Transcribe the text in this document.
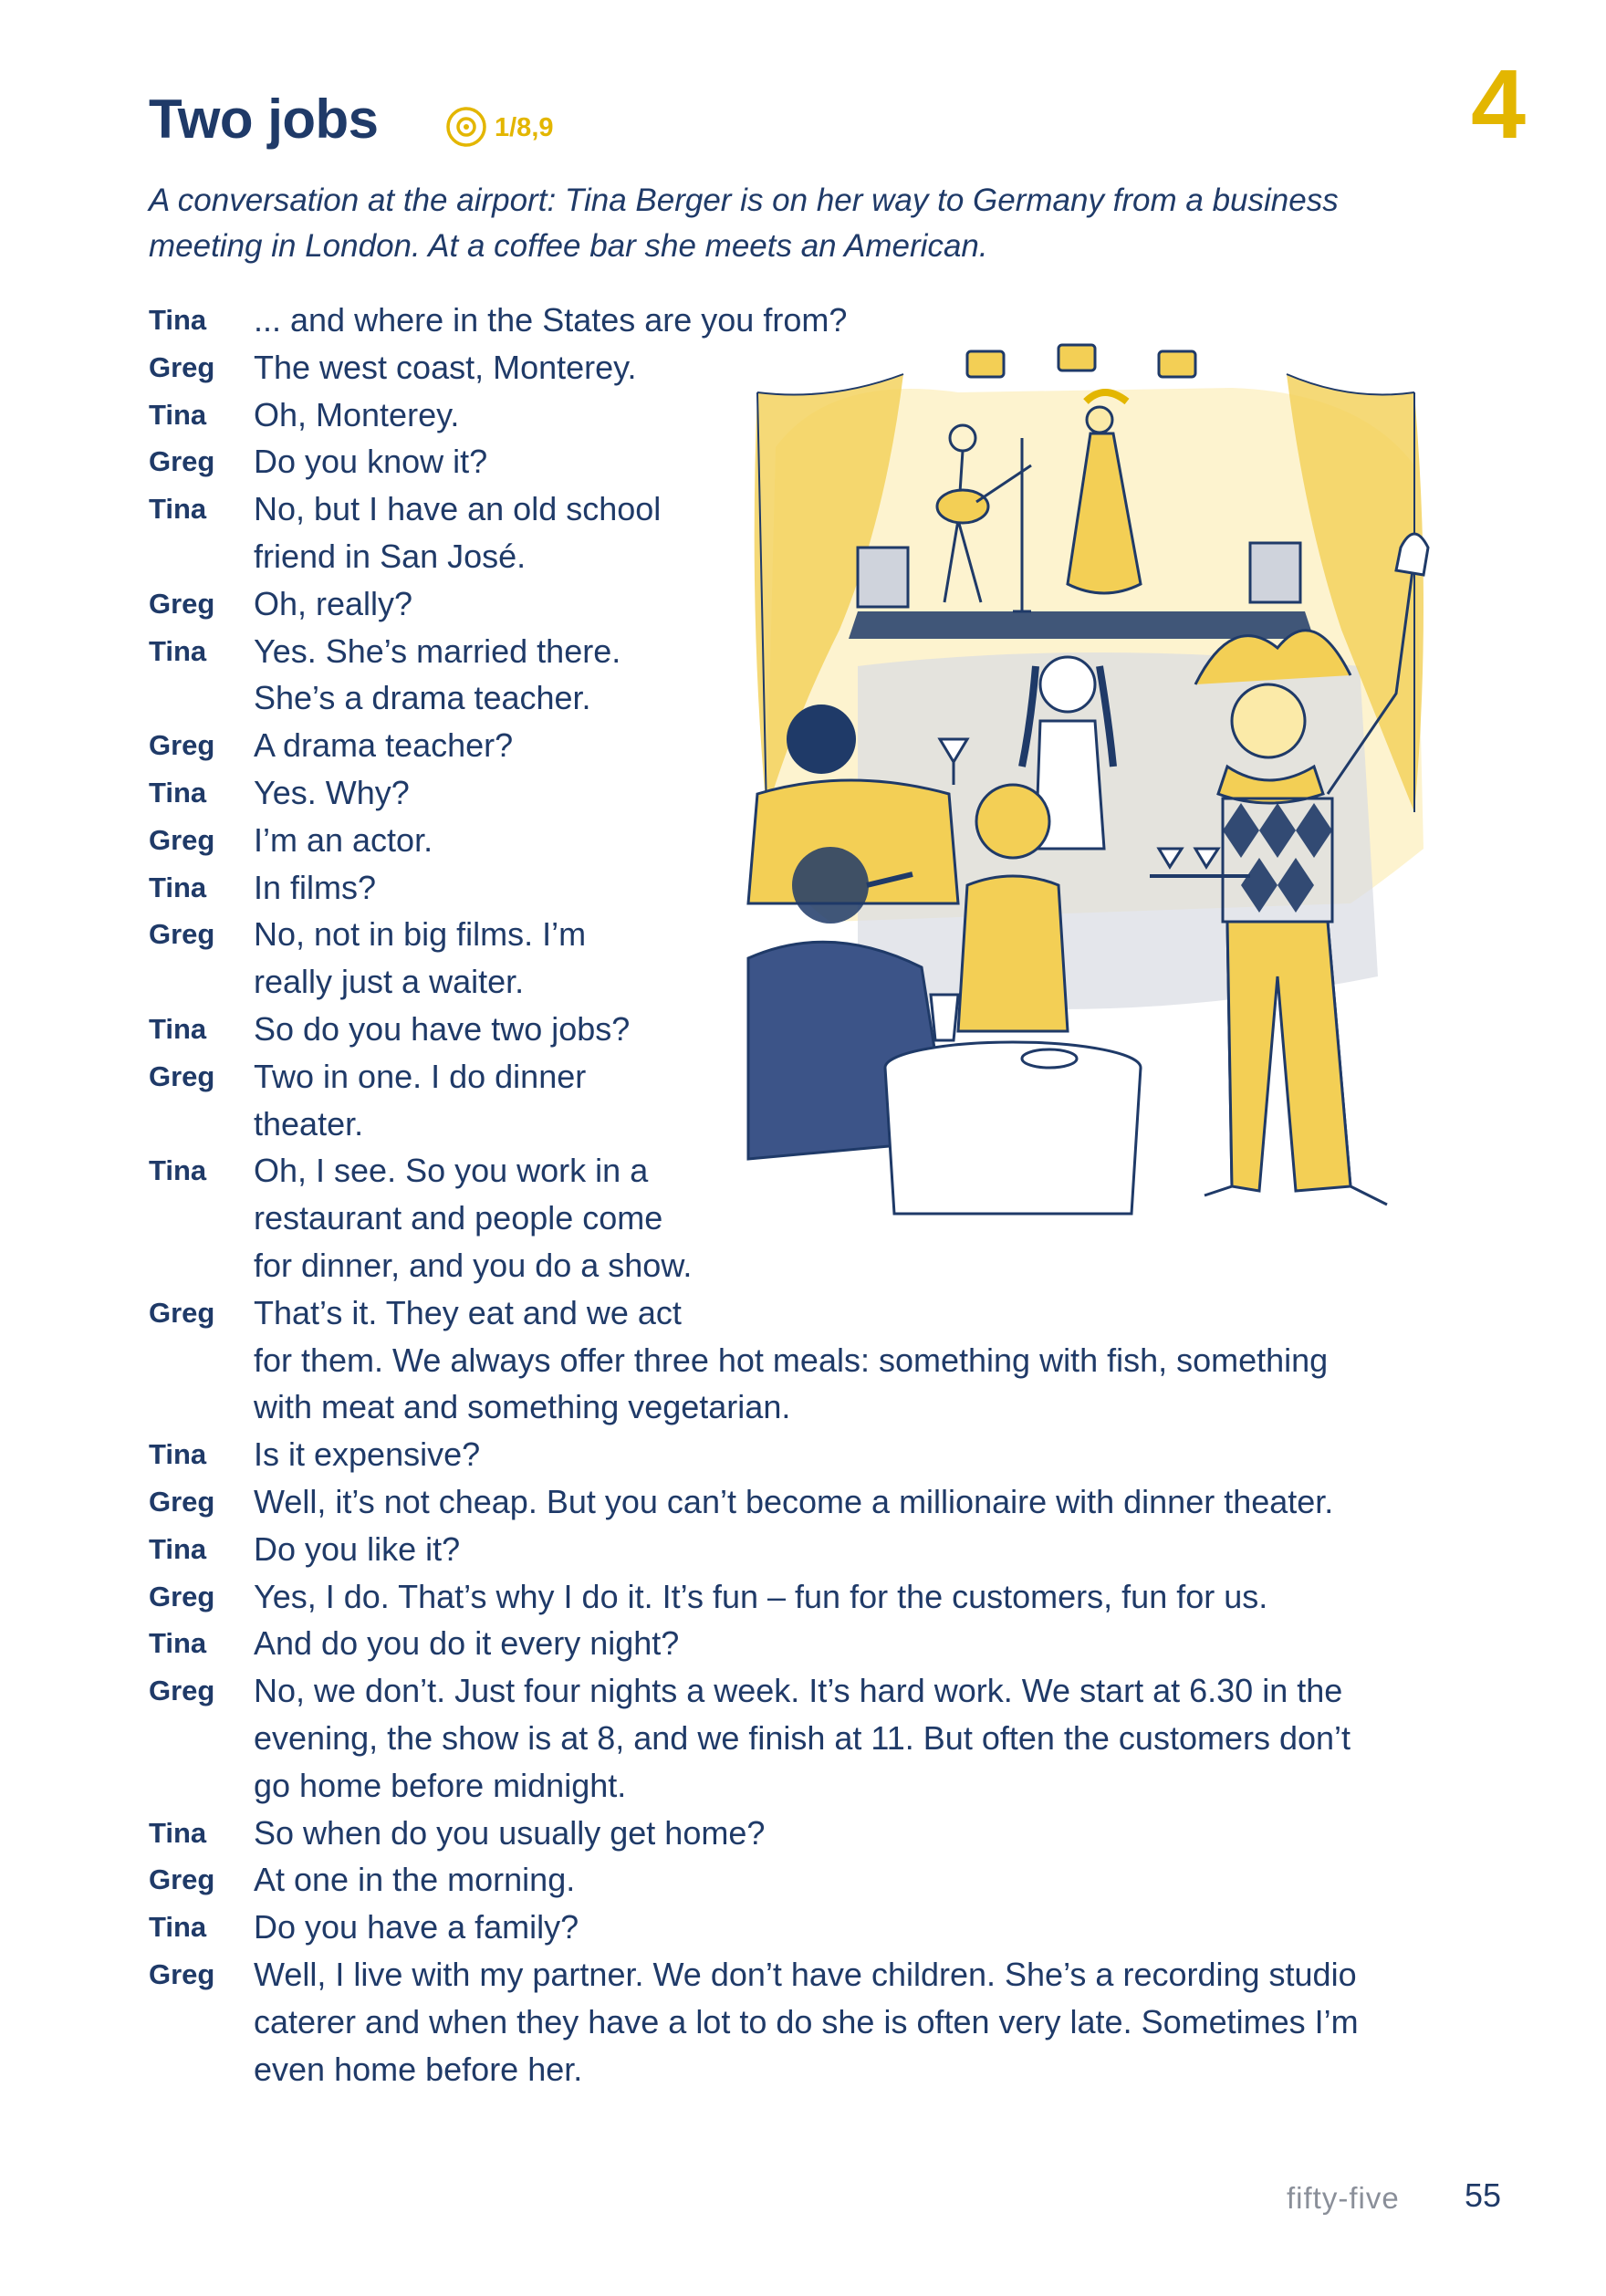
Two jobs	1/8,9	4
A conversation at the airport: Tina Berger is on her way to Germany from a business meeting in London. At a coffee bar she meets an American.
Tina ... and where in the States are you from?
Greg The west coast, Monterey.
Tina Oh, Monterey.
Greg Do you know it?
Tina No, but I have an old school
friend in San José.
Greg Oh, really?
Tina Yes. She’s married there.
She’s a drama teacher.
Greg A drama teacher?
Tina Yes. Why?
Greg I’m an actor.
Tina In films?
Greg No, not in big films. I’m
really just a waiter.
Tina So do you have two jobs?
Greg Two in one. I do dinner
theater.
Tina Oh, I see. So you work in a
restaurant and people come
for dinner, and you do a show.
Greg That’s it. They eat and we act
for them. We always offer three hot meals: something with fish, something
with meat and something vegetarian.
Tina Is it expensive?
Greg Well, it’s not cheap. But you can’t become a millionaire with dinner theater.
Tina Do you like it?
Greg Yes, I do. That’s why I do it. It’s fun – fun for the customers, fun for us.
Tina And do you do it every night?
Greg No, we don’t. Just four nights a week. It’s hard work. We start at 6.30 in the
evening, the show is at 8, and we finish at 11. But often the customers don’t
go home before midnight.
Tina So when do you usually get home?
Greg At one in the morning.
Tina Do you have a family?
Greg Well, I live with my partner. We don’t have children. She’s a recording studio
caterer and when they have a lot to do she is often very late. Sometimes I’m
even home before her.
fifty-five 55
